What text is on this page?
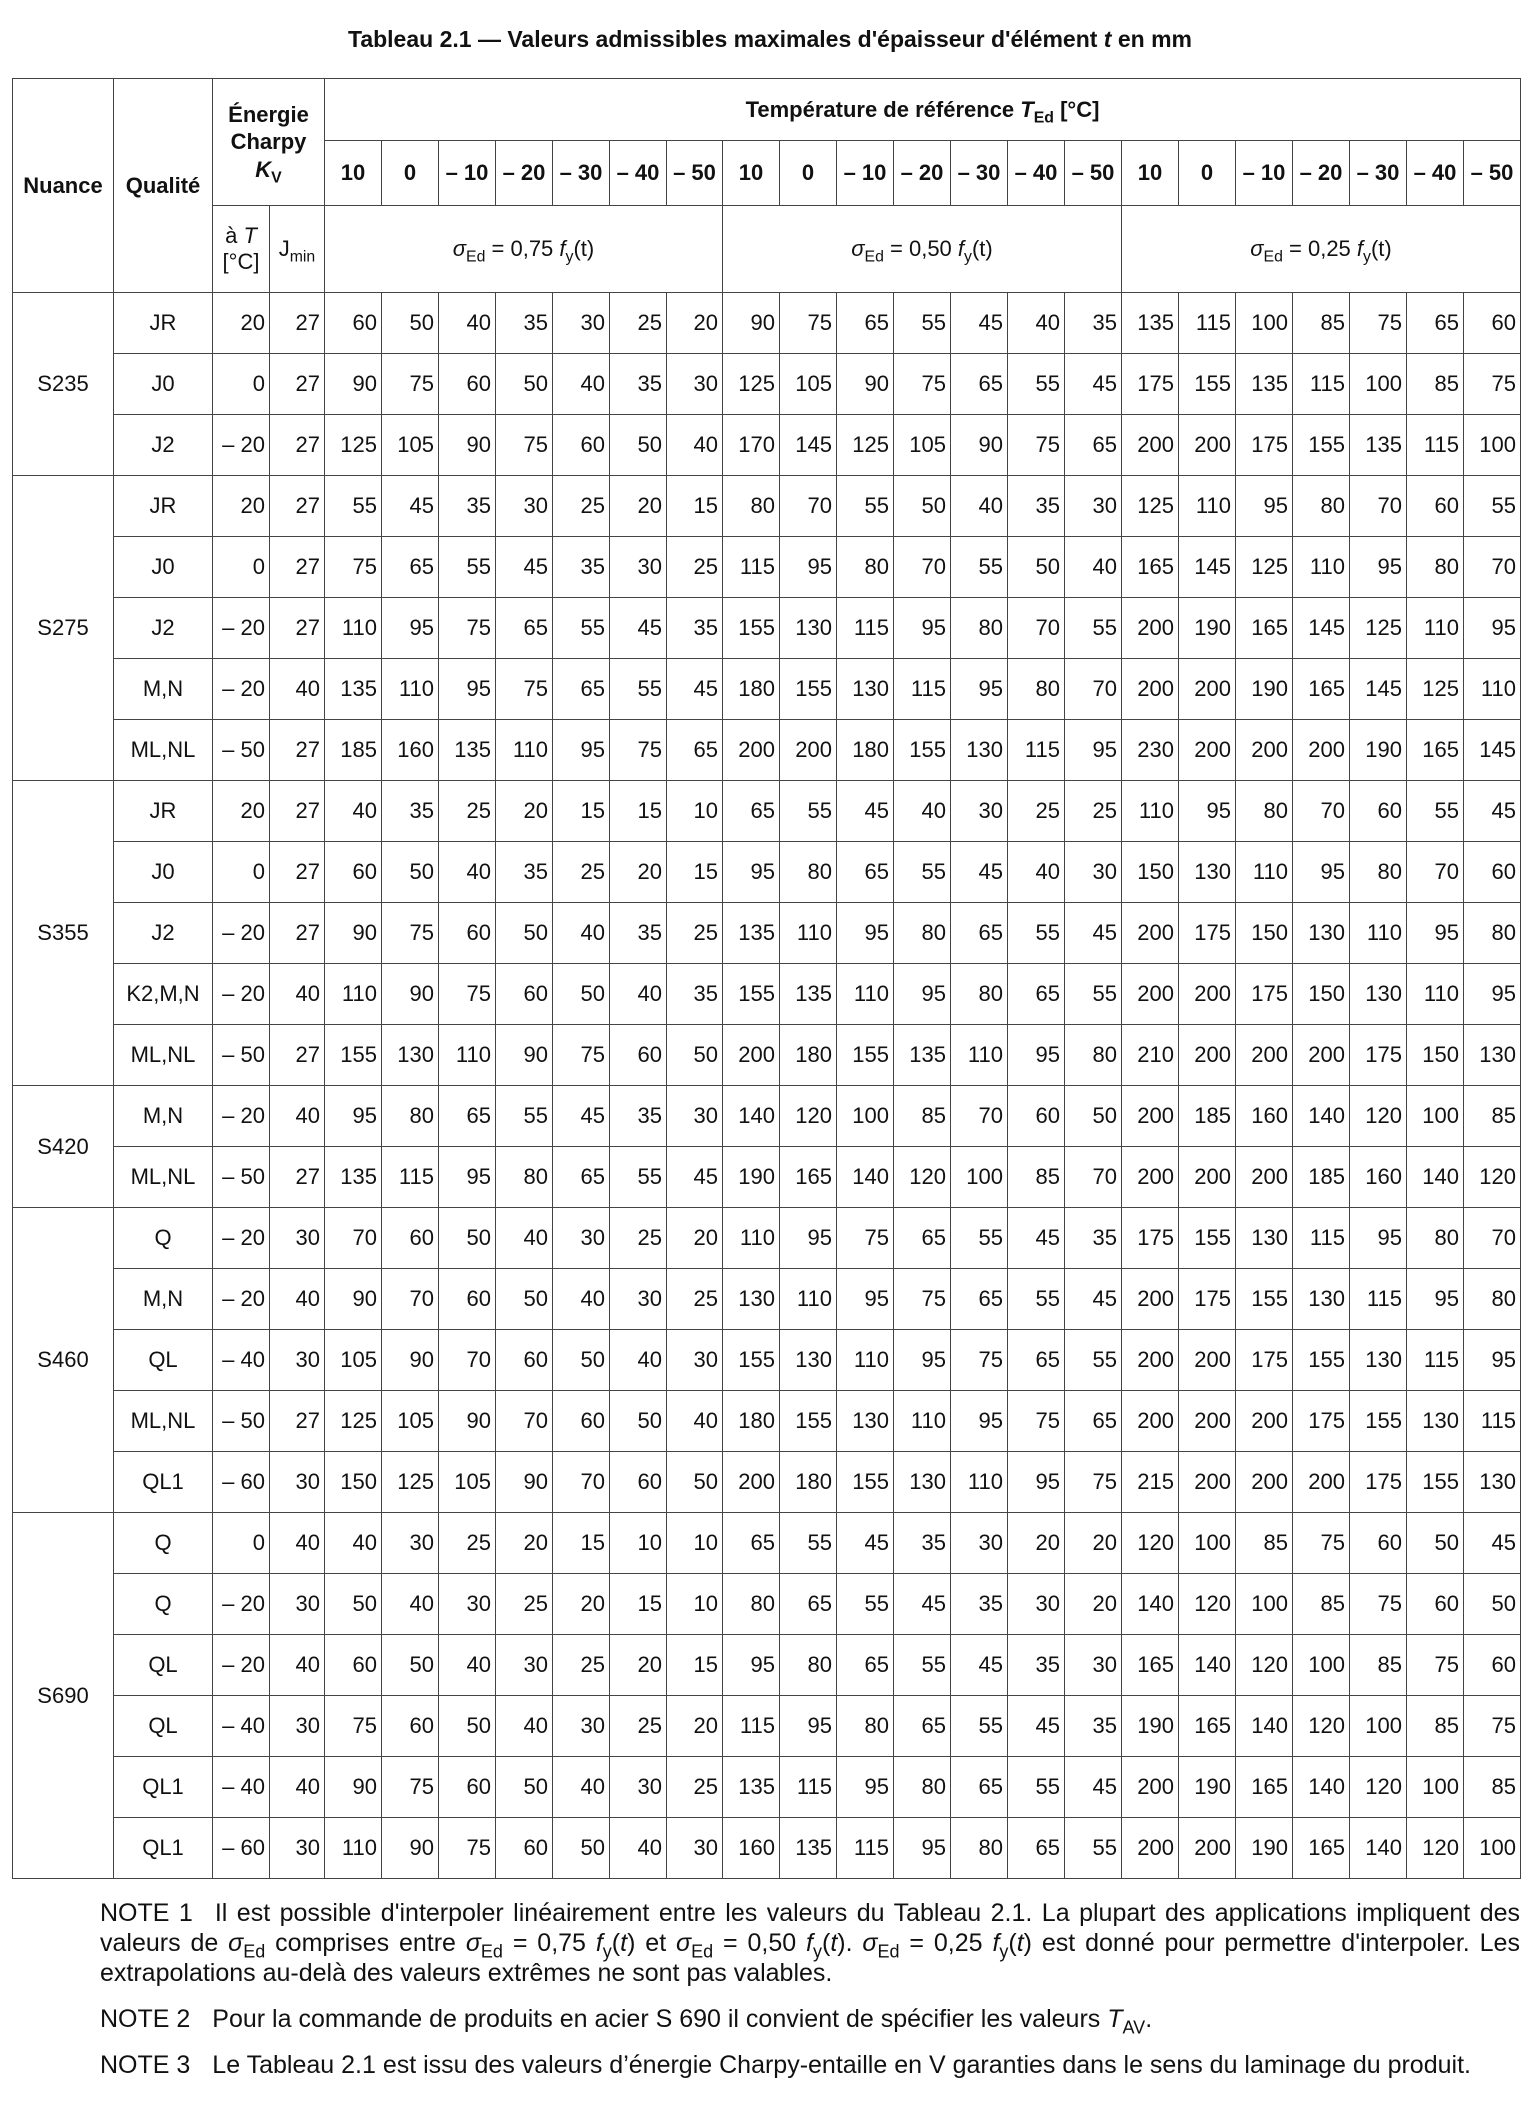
Tableau 2.1 — Valeurs admissibles maximales d'épaisseur d'élément t en mm
Nuance	Qualité	Énergie
Charpy
$K_V$		Température de référence $T_{Ed}$ [°C]																				
				10	0	– 10	– 20	– 30	– 40	– 50	10	0	– 10	– 20	– 30	– 40	– 50	10	0	– 10	– 20	– 30	– 40	– 50
		à T
[°C]	$J_{min}$	$\sigma_{Ed} = 0,75$ $f_y(t)$							$\sigma_{Ed} = 0,50$ $f_y(t)$							$\sigma_{Ed} = 0,25$ $f_y(t)$						
S235	JR	20	27	60	50	40	35	30	25	20	90	75	65	55	45	40	35	135	115	100	85	75	65	60
	J0	0	27	90	75	60	50	40	35	30	125	105	90	75	65	55	45	175	155	135	115	100	85	75
	J2	– 20	27	125	105	90	75	60	50	40	170	145	125	105	90	75	65	200	200	175	155	135	115	100
S275	JR	20	27	55	45	35	30	25	20	15	80	70	55	50	40	35	30	125	110	95	80	70	60	55
	J0	0	27	75	65	55	45	35	30	25	115	95	80	70	55	50	40	165	145	125	110	95	80	70
	J2	– 20	27	110	95	75	65	55	45	35	155	130	115	95	80	70	55	200	190	165	145	125	110	95
	M,N	– 20	40	135	110	95	75	65	55	45	180	155	130	115	95	80	70	200	200	190	165	145	125	110
	ML,NL	– 50	27	185	160	135	110	95	75	65	200	200	180	155	130	115	95	230	200	200	200	190	165	145
S355	JR	20	27	40	35	25	20	15	15	10	65	55	45	40	30	25	25	110	95	80	70	60	55	45
	J0	0	27	60	50	40	35	25	20	15	95	80	65	55	45	40	30	150	130	110	95	80	70	60
	J2	– 20	27	90	75	60	50	40	35	25	135	110	95	80	65	55	45	200	175	150	130	110	95	80
	K2,M,N	– 20	40	110	90	75	60	50	40	35	155	135	110	95	80	65	55	200	200	175	150	130	110	95
	ML,NL	– 50	27	155	130	110	90	75	60	50	200	180	155	135	110	95	80	210	200	200	200	175	150	130
S420	M,N	– 20	40	95	80	65	55	45	35	30	140	120	100	85	70	60	50	200	185	160	140	120	100	85
	ML,NL	– 50	27	135	115	95	80	65	55	45	190	165	140	120	100	85	70	200	200	200	185	160	140	120
S460	Q	– 20	30	70	60	50	40	30	25	20	110	95	75	65	55	45	35	175	155	130	115	95	80	70
	M,N	– 20	40	90	70	60	50	40	30	25	130	110	95	75	65	55	45	200	175	155	130	115	95	80
	QL	– 40	30	105	90	70	60	50	40	30	155	130	110	95	75	65	55	200	200	175	155	130	115	95
	ML,NL	– 50	27	125	105	90	70	60	50	40	180	155	130	110	95	75	65	200	200	200	175	155	130	115
	QL1	– 60	30	150	125	105	90	70	60	50	200	180	155	130	110	95	75	215	200	200	200	175	155	130
S690	Q	0	40	40	30	25	20	15	10	10	65	55	45	35	30	20	20	120	100	85	75	60	50	45
	Q	– 20	30	50	40	30	25	20	15	10	80	65	55	45	35	30	20	140	120	100	85	75	60	50
	QL	– 20	40	60	50	40	30	25	20	15	95	80	65	55	45	35	30	165	140	120	100	85	75	60
	QL	– 40	30	75	60	50	40	30	25	20	115	95	80	65	55	45	35	190	165	140	120	100	85	75
	QL1	– 40	40	90	75	60	50	40	30	25	135	115	95	80	65	55	45	200	190	165	140	120	100	85
	QL1	– 60	30	110	90	75	60	50	40	30	160	135	115	95	80	65	55	200	200	190	165	140	120	100
NOTE 1 Il est possible d'interpoler linéairement entre les valeurs du Tableau 2.1. La plupart des applications impliquent des valeurs de $\sigma_{Ed}$ comprises entre $\sigma_{Ed} = 0,75$ $f_y(t)$ et $\sigma_{Ed} = 0,50$ $f_y(t)$. $\sigma_{Ed} = 0,25$ $f_y(t)$ est donné pour permettre d'interpoler. Les extrapolations au-delà des valeurs extrêmes ne sont pas valables.
NOTE 2 Pour la commande de produits en acier S 690 il convient de spécifier les valeurs $T_{AV}$.
NOTE 3 Le Tableau 2.1 est issu des valeurs d’énergie Charpy-entaille en V garanties dans le sens du laminage du produit.
